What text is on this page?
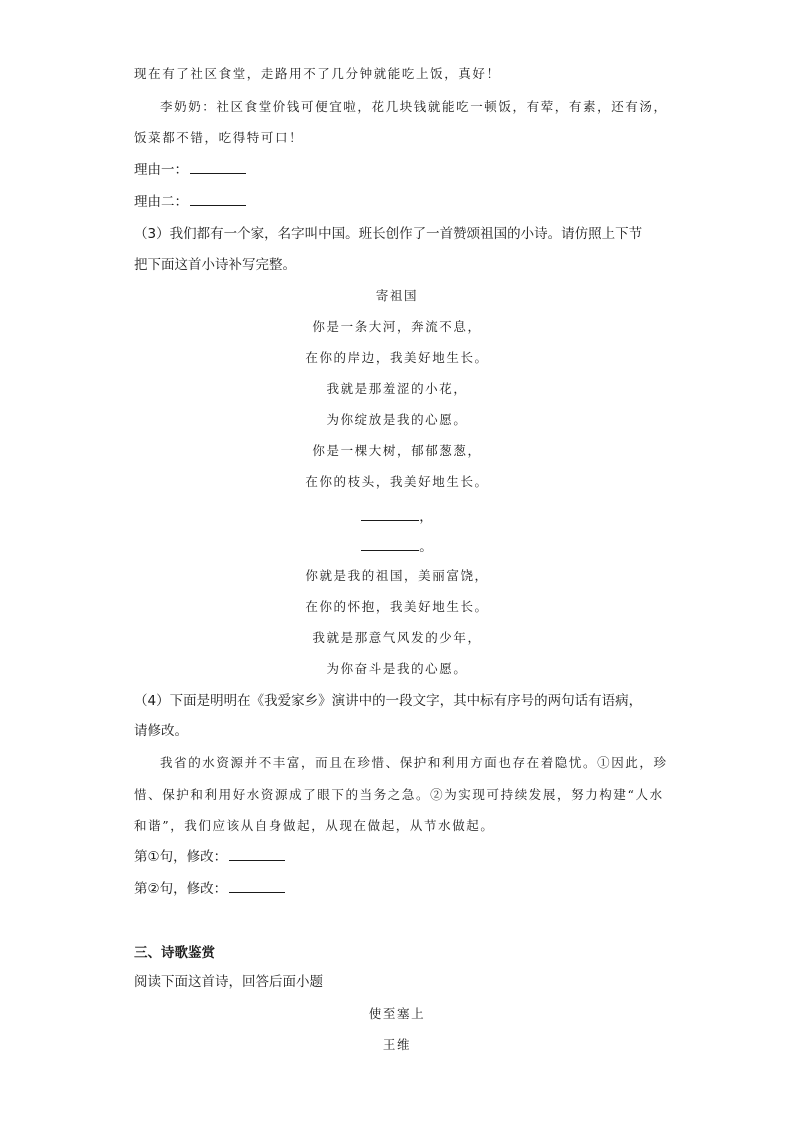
现在有了社区食堂，走路用不了几分钟就能吃上饭，真好！
李奶奶：社区食堂价钱可便宜啦，花几块钱就能吃一顿饭，有荤，有素，还有汤，
饭菜都不错，吃得特可口！
理由一：
理由二：
（3）我们都有一个家，名字叫中国。班长创作了一首赞颂祖国的小诗。请仿照上下节
把下面这首小诗补写完整。
寄祖国
你是一条大河，奔流不息，
在你的岸边，我美好地生长。
我就是那羞涩的小花，
为你绽放是我的心愿。
你是一棵大树，郁郁葱葱，
在你的枝头，我美好地生长。
，
。
你就是我的祖国，美丽富饶，
在你的怀抱，我美好地生长。
我就是那意气风发的少年，
为你奋斗是我的心愿。
（4）下面是明明在《我爱家乡》演讲中的一段文字，其中标有序号的两句话有语病，
请修改。
我省的水资源并不丰富，而且在珍惜、保护和利用方面也存在着隐忧。①因此，珍
惜、保护和利用好水资源成了眼下的当务之急。②为实现可持续发展，努力构建“人水
和谐”，我们应该从自身做起，从现在做起，从节水做起。
第①句，修改：
第②句，修改：
三、诗歌鉴赏
阅读下面这首诗，回答后面小题
使至塞上
王维
